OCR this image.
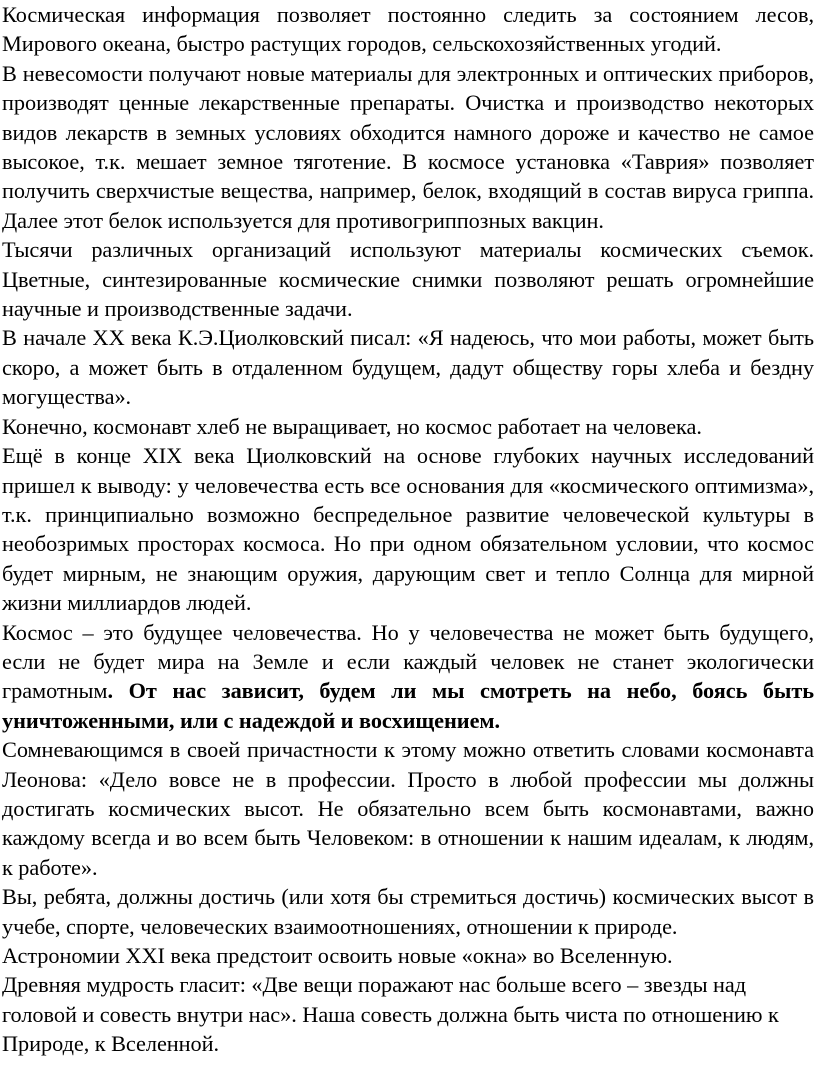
Космическая информация позволяет постоянно следить за состоянием лесов, Мирового океана, быстро растущих городов, сельскохозяйственных угодий.

В невесомости получают новые материалы для электронных и оптических приборов, производят ценные лекарственные препараты. Очистка и производство некоторых видов лекарств в земных условиях обходится намного дороже и качество не самое высокое, т.к. мешает земное тяготение. В космосе установка «Таврия» позволяет получить сверхчистые вещества, например, белок, входящий в состав вируса гриппа. Далее этот белок используется для противогриппозных вакцин.

Тысячи различных организаций используют материалы космических съемок. Цветные, синтезированные космические снимки позволяют решать огромнейшие научные и производственные задачи.

В начале XX века К.Э.Циолковский писал: «Я надеюсь, что мои работы, может быть скоро, а может быть в отдаленном будущем, дадут обществу горы хлеба и бездну могущества».

Конечно, космонавт хлеб не выращивает, но космос работает на человека.

Ещё в конце XIX века Циолковский на основе глубоких научных исследований пришел к выводу: у человечества есть все основания для «космического оптимизма», т.к. принципиально возможно беспредельное развитие человеческой культуры в необозримых просторах космоса. Но при одном обязательном условии, что космос будет мирным, не знающим оружия, дарующим свет и тепло Солнца для мирной жизни миллиардов людей.

Космос – это будущее человечества. Но у человечества не может быть будущего, если не будет мира на Земле и если каждый человек не станет экологически грамотным. От нас зависит, будем ли мы смотреть на небо, боясь быть уничтоженными, или с надеждой и восхищением.

Сомневающимся в своей причастности к этому можно ответить словами космонавта Леонова: «Дело вовсе не в профессии. Просто в любой профессии мы должны достигать космических высот. Не обязательно всем быть космонавтами, важно каждому всегда и во всем быть Человеком: в отношении к нашим идеалам, к людям, к работе».

Вы, ребята, должны достичь (или хотя бы стремиться достичь) космических высот в учебе, спорте, человеческих взаимоотношениях, отношении к природе.

Астрономии XXI века предстоит освоить новые «окна» во Вселенную.

Древняя мудрость гласит: «Две вещи поражают нас больше всего – звезды над головой и совесть внутри нас». Наша совесть должна быть чиста по отношению к Природе, к Вселенной.
